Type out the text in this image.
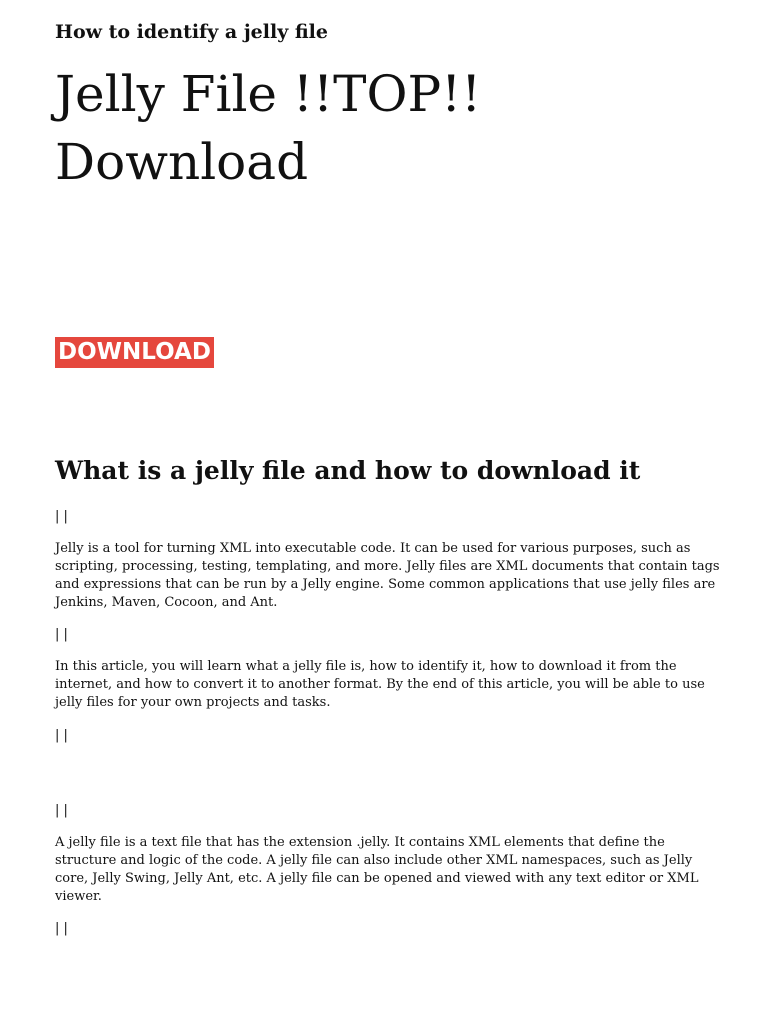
Jelly File !!TOP!! Download
DOWNLOAD
What is a jelly file and how to download it

| |

Jelly is a tool for turning XML into executable code. It can be used for various purposes, such as scripting, processing, testing, templating, and more. Jelly files are XML documents that contain tags and expressions that can be run by a Jelly engine. Some common applications that use jelly files are Jenkins, Maven, Cocoon, and Ant.

| |

In this article, you will learn what a jelly file is, how to identify it, how to download it from the internet, and how to convert it to another format. By the end of this article, you will be able to use jelly files for your own projects and tasks.

| |

How to identify a jelly file

| |

A jelly file is a text file that has the extension .jelly. It contains XML elements that define the structure and logic of the code. A jelly file can also include other XML namespaces, such as Jelly core, Jelly Swing, Jelly Ant, etc. A jelly file can be opened and viewed with any text editor or XML viewer.

| |
